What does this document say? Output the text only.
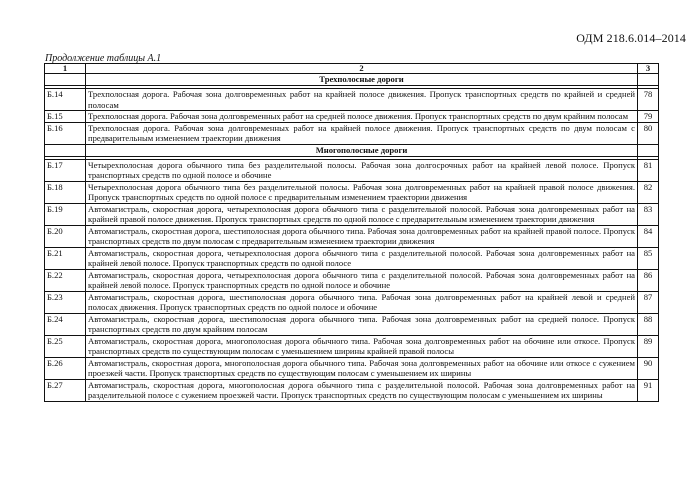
ОДМ 218.6.014–2014
Продолжение таблицы А.1
1	2	3
	Трехполосные дороги	

Б.14	Трехполосная дорога. Рабочая зона долговременных работ на крайней полосе движения. Пропуск транспортных средств по крайней и средней полосам	78
Б.15	Трехполосная дорога. Рабочая зона долговременных работ на средней полосе движения. Пропуск транспортных средств по двум крайним полосам	79
Б.16	Трехполосная дорога. Рабочая зона долговременных работ на крайней полосе движения. Пропуск транспортных средств по двум полосам с предварительным изменением траектории движения	80
	Многополосные дороги	

Б.17	Четырехполосная дорога обычного типа без разделительной полосы. Рабочая зона долгосрочных работ на крайней левой полосе. Пропуск транспортных средств по одной полосе и обочине	81
Б.18	Четырехполосная дорога обычного типа без разделительной полосы. Рабочая зона долговременных работ на крайней правой полосе движения. Пропуск транспортных средств по одной полосе с предварительным изменением траектории движения	82
Б.19	Автомагистраль, скоростная дорога, четырехполосная дорога обычного типа с разделительной полосой. Рабочая зона долговременных работ на крайней правой полосе движения. Пропуск транспортных средств по одной полосе с предварительным изменением траектории движения	83
Б.20	Автомагистраль, скоростная дорога, шестиполосная дорога обычного типа. Рабочая зона долговременных работ на крайней правой полосе. Пропуск транспортных средств по двум полосам с предварительным изменением траектории движения	84
Б.21	Автомагистраль, скоростная дорога, четырехполосная дорога обычного типа с разделительной полосой. Рабочая зона долговременных работ на крайней левой полосе. Пропуск транспортных средств по одной полосе	85
Б.22	Автомагистраль, скоростная дорога, четырехполосная дорога обычного типа с разделительной полосой. Рабочая зона долговременных работ на крайней левой полосе. Пропуск транспортных средств по одной полосе и обочине	86
Б.23	Автомагистраль, скоростная дорога, шестиполосная дорога обычного типа. Рабочая зона долговременных работ на крайней левой и средней полосах движения. Пропуск транспортных средств по одной полосе и обочине	87
Б.24	Автомагистраль, скоростная дорога, шестиполосная дорога обычного типа. Рабочая зона долговременных работ на средней полосе. Пропуск транспортных средств по двум крайним полосам	88
Б.25	Автомагистраль, скоростная дорога, многополосная дорога обычного типа. Рабочая зона долговременных работ на обочине или откосе. Пропуск транспортных средств по существующим полосам с уменьшением ширины крайней правой полосы	89
Б.26	Автомагистраль, скоростная дорога, многополосная дорога обычного типа. Рабочая зона долговременных работ на обочине или откосе с сужением проезжей части. Пропуск транспортных средств по существующим полосам с уменьшением их ширины	90
Б.27	Автомагистраль, скоростная дорога, многополосная дорога обычного типа с разделительной полосой. Рабочая зона долговременных работ на разделительной полосе с сужением проезжей части. Пропуск транспортных средств по существующим полосам с уменьшением их ширины	91
